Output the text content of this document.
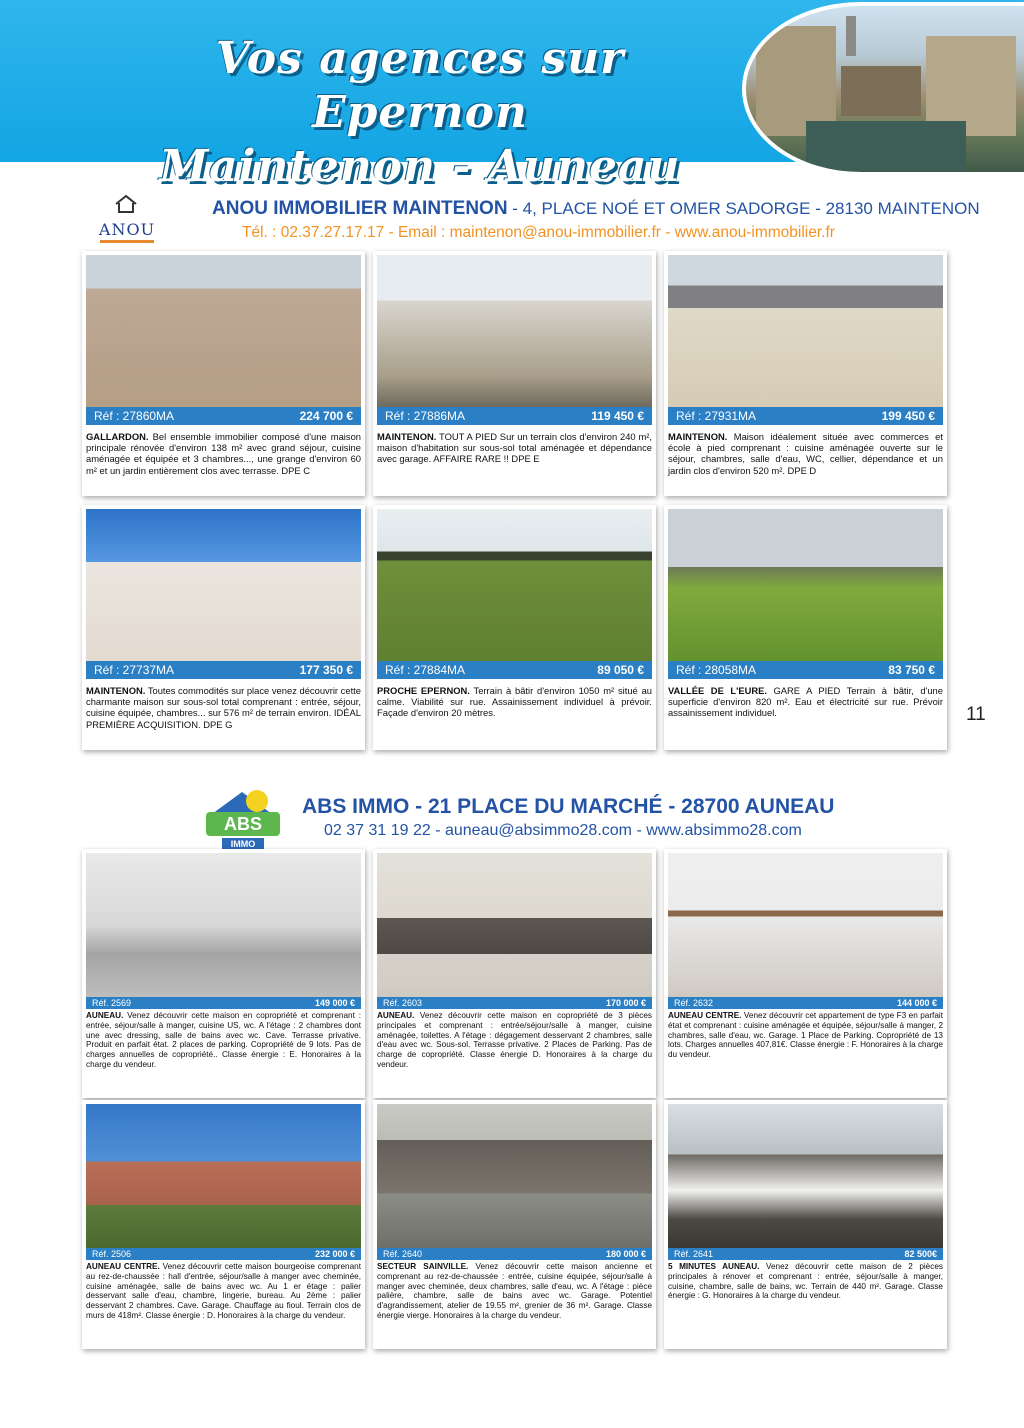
Vos agences sur Epernon
Maintenon - Auneau
ANOU
ANOU IMMOBILIER MAINTENON - 4, PLACE NOÉ ET OMER SADORGE - 28130 MAINTENON
Tél. : 02.37.27.17.17 - Email : maintenon@anou-immobilier.fr - www.anou-immobilier.fr
Réf : 27860MA	224 700 €
GALLARDON. Bel ensemble immobilier composé d'une maison principale rénovée d'environ 138 m² avec grand séjour, cuisine aménagée et équipée et 3 chambres..., une grange d'environ 60 m² et un jardin entièrement clos avec terrasse. DPE C
Réf : 27886MA	119 450 €
MAINTENON. TOUT A PIED Sur un terrain clos d'environ 240 m², maison d'habitation sur sous-sol total aménagée et dépendance avec garage. AFFAIRE RARE !! DPE E
Réf : 27931MA	199 450 €
MAINTENON. Maison idéalement située avec commerces et école à pied comprenant : cuisine aménagée ouverte sur le séjour, chambres, salle d'eau, WC, cellier, dépendance et un jardin clos d'environ 520 m². DPE D
Réf : 27737MA	177 350 €
MAINTENON. Toutes commodités sur place venez découvrir cette charmante maison sur sous-sol total comprenant : entrée, séjour, cuisine équipée, chambres... sur 576 m² de terrain environ. IDÉAL PREMIÈRE ACQUISITION. DPE G
Réf : 27884MA	89 050 €
PROCHE EPERNON. Terrain à bâtir d'environ 1050 m² situé au calme. Viabilité sur rue. Assainissement individuel à prévoir. Façade d'environ 20 mètres.
Réf : 28058MA	83 750 €
VALLÉE DE L'EURE. GARE A PIED Terrain à bâtir, d'une superficie d'environ 820 m². Eau et électricité sur rue. Prévoir assainissement individuel.	11
ABS
IMMO
ABS IMMO - 21 PLACE DU MARCHÉ - 28700 AUNEAU
02 37 31 19 22 - auneau@absimmo28.com - www.absimmo28.com
Réf. 2569	149 000 €
AUNEAU. Venez découvrir cette maison en copropriété et comprenant : entrée, séjour/salle à manger, cuisine US, wc. A l'étage : 2 chambres dont une avec dressing, salle de bains avec wc. Cave. Terrasse privative. Produit en parfait état. 2 places de parking. Copropriété de 9 lots. Pas de charges annuelles de copropriété.. Classe énergie : E. Honoraires à la charge du vendeur.
Réf. 2603	170 000 €
AUNEAU. Venez découvrir cette maison en copropriété de 3 pièces principales et comprenant : entrée/séjour/salle à manger, cuisine aménagée, toilettes. A l'étage : dégagement desservant 2 chambres, salle d'eau avec wc. Sous-sol. Terrasse privative. 2 Places de Parking. Pas de charge de copropriété. Classe énergie D. Honoraires à la charge du vendeur.
Réf. 2632	144 000 €
AUNEAU CENTRE. Venez découvrir cet appartement de type F3 en parfait état et comprenant : cuisine aménagée et équipée, séjour/salle à manger, 2 chambres, salle d'eau, wc. Garage. 1 Place de Parking. Copropriété de 13 lots. Charges annuelles 407,81€. Classe énergie : F. Honoraires à la charge du vendeur.
Réf. 2506	232 000 €
AUNEAU CENTRE. Venez découvrir cette maison bourgeoise comprenant au rez-de-chaussée : hall d'entrée, séjour/salle à manger avec cheminée, cuisine aménagée, salle de bains avec wc. Au 1 er étage : palier desservant salle d'eau, chambre, lingerie, bureau. Au 2ème : palier desservant 2 chambres. Cave. Garage. Chauffage au fioul. Terrain clos de murs de 418m². Classe énergie : D. Honoraires à la charge du vendeur.
Réf. 2640	180 000 €
SECTEUR SAINVILLE. Venez découvrir cette maison ancienne et comprenant au rez-de-chaussée : entrée, cuisine équipée, séjour/salle à manger avec cheminée, deux chambres, salle d'eau, wc. A l'étage : pièce palière, chambre, salle de bains avec wc. Garage. Potentiel d'agrandissement, atelier de 19.55 m², grenier de 36 m². Garage. Classe énergie vierge. Honoraires à la charge du vendeur.
Réf. 2641	82 500€
5 MINUTES AUNEAU. Venez découvrir cette maison de 2 pièces principales à rénover et comprenant : entrée, séjour/salle à manger, cuisine, chambre, salle de bains, wc. Terrain de 440 m². Garage. Classe énergie : G. Honoraires à la charge du vendeur.
